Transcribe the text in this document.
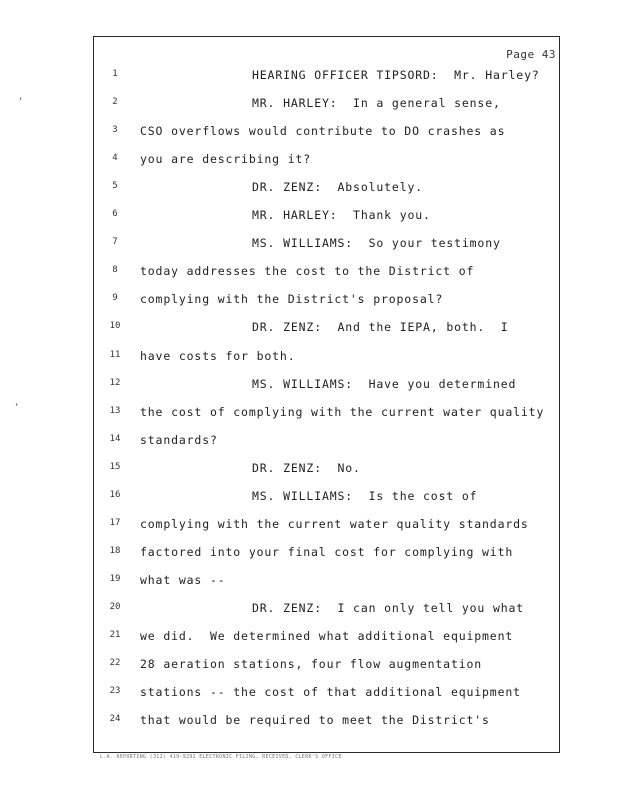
Page 43
1	HEARING OFFICER TIPSORD:  Mr. Harley?
2	MR. HARLEY:  In a general sense,
3	CSO overflows would contribute to DO crashes as
4	you are describing it?
5	DR. ZENZ:  Absolutely.
6	MR. HARLEY:  Thank you.
7	MS. WILLIAMS:  So your testimony
8	today addresses the cost to the District of
9	complying with the District's proposal?
10	DR. ZENZ:  And the IEPA, both.  I
11	have costs for both.
12	MS. WILLIAMS:  Have you determined
13	the cost of complying with the current water quality
14	standards?
15	DR. ZENZ:  No.
16	MS. WILLIAMS:  Is the cost of
17	complying with the current water quality standards
18	factored into your final cost for complying with
19	what was --
20	DR. ZENZ:  I can only tell you what
21	we did.  We determined what additional equipment
22	28 aeration stations, four flow augmentation
23	stations -- the cost of that additional equipment
24	that would be required to meet the District's
L.A. REPORTING (312) 419-9292 ELECTRONIC FILING, RECEIVED, CLERK'S OFFICE
‚
‚
